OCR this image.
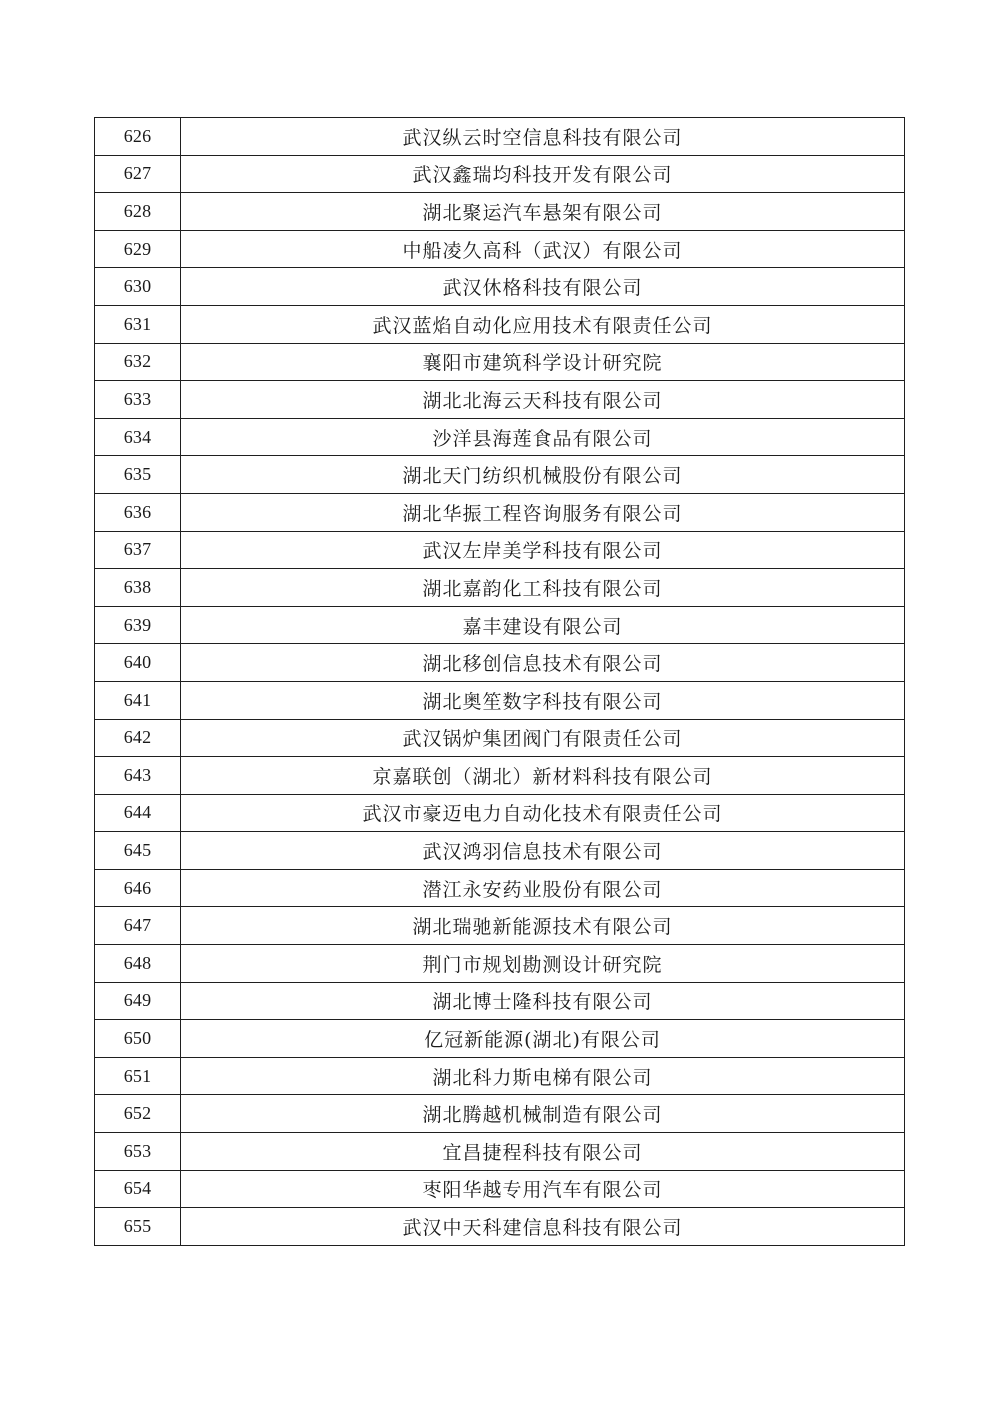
626	武汉纵云时空信息科技有限公司
627	武汉鑫瑞均科技开发有限公司
628	湖北聚运汽车悬架有限公司
629	中船凌久高科（武汉）有限公司
630	武汉休格科技有限公司
631	武汉蓝焰自动化应用技术有限责任公司
632	襄阳市建筑科学设计研究院
633	湖北北海云天科技有限公司
634	沙洋县海莲食品有限公司
635	湖北天门纺织机械股份有限公司
636	湖北华振工程咨询服务有限公司
637	武汉左岸美学科技有限公司
638	湖北嘉韵化工科技有限公司
639	嘉丰建设有限公司
640	湖北移创信息技术有限公司
641	湖北奥笙数字科技有限公司
642	武汉锅炉集团阀门有限责任公司
643	京嘉联创（湖北）新材料科技有限公司
644	武汉市豪迈电力自动化技术有限责任公司
645	武汉鸿羽信息技术有限公司
646	潜江永安药业股份有限公司
647	湖北瑞驰新能源技术有限公司
648	荆门市规划勘测设计研究院
649	湖北博士隆科技有限公司
650	亿冠新能源(湖北)有限公司
651	湖北科力斯电梯有限公司
652	湖北腾越机械制造有限公司
653	宜昌捷程科技有限公司
654	枣阳华越专用汽车有限公司
655	武汉中天科建信息科技有限公司
